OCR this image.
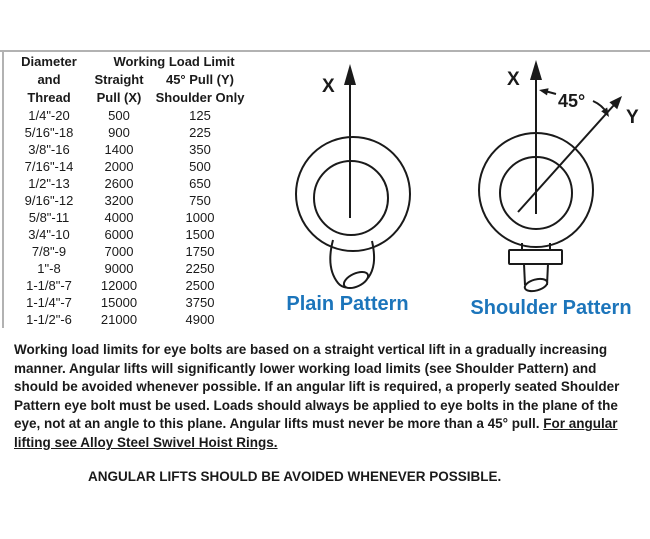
Diameter	Working Load Limit	
and	Straight	45° Pull (Y)
Thread	Pull (X)	Shoulder Only
1/4"-20	500	125
5/16"-18	900	225
3/8"-16	1400	350
7/16"-14	2000	500
1/2"-13	2600	650
9/16"-12	3200	750
5/8"-11	4000	1000
3/4"-10	6000	1500
7/8"-9	7000	1750
1"-8	9000	2250
1-1/8"-7	12000	2500
1-1/4"-7	15000	3750
1-1/2"-6	21000	4900
X
Plain Pattern
45°
X
Y
Shoulder Pattern
Working load limits for eye bolts are based on a straight vertical lift in a gradually increasing manner. Angular lifts will significantly lower working load limits (see Shoulder Pattern) and should be avoided whenever possible. If an angular lift is required, a properly seated Shoulder Pattern eye bolt must be used. Loads should always be applied to eye bolts in the plane of the eye, not at an angle to this plane. Angular lifts must never be more than a 45° pull. For angular lifting see Alloy Steel Swivel Hoist Rings.
ANGULAR LIFTS SHOULD BE AVOIDED WHENEVER POSSIBLE.
